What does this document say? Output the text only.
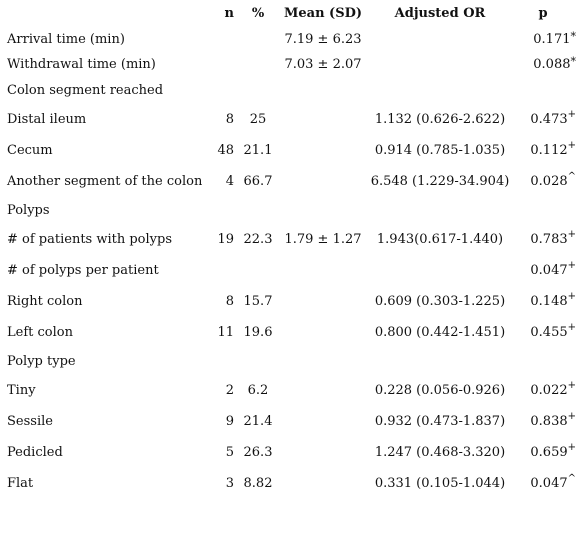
	n	%	Mean (SD)	Adjusted OR	p
Arrival time (min)			7.19 ± 6.23		0.171*
Withdrawal time (min)			7.03 ± 2.07		0.088*
Colon segment reached					
Distal ileum	8	25		1.132 (0.626-2.622)	0.473+
Cecum	48	21.1		0.914 (0.785-1.035)	0.112+
Another segment of the colon	4	66.7		6.548 (1.229-34.904)	0.028^
Polyps					
# of patients with polyps	19	22.3	1.79 ± 1.27	1.943(0.617-1.440)	0.783+
# of polyps per patient					0.047+
Right colon	8	15.7		0.609 (0.303-1.225)	0.148+
Left colon	11	19.6		0.800 (0.442-1.451)	0.455+
Polyp type					
Tiny	2	6.2		0.228 (0.056-0.926)	0.022+
Sessile	9	21.4		0.932 (0.473-1.837)	0.838+
Pedicled	5	26.3		1.247 (0.468-3.320)	0.659+
Flat	3	8.82		0.331 (0.105-1.044)	0.047^
